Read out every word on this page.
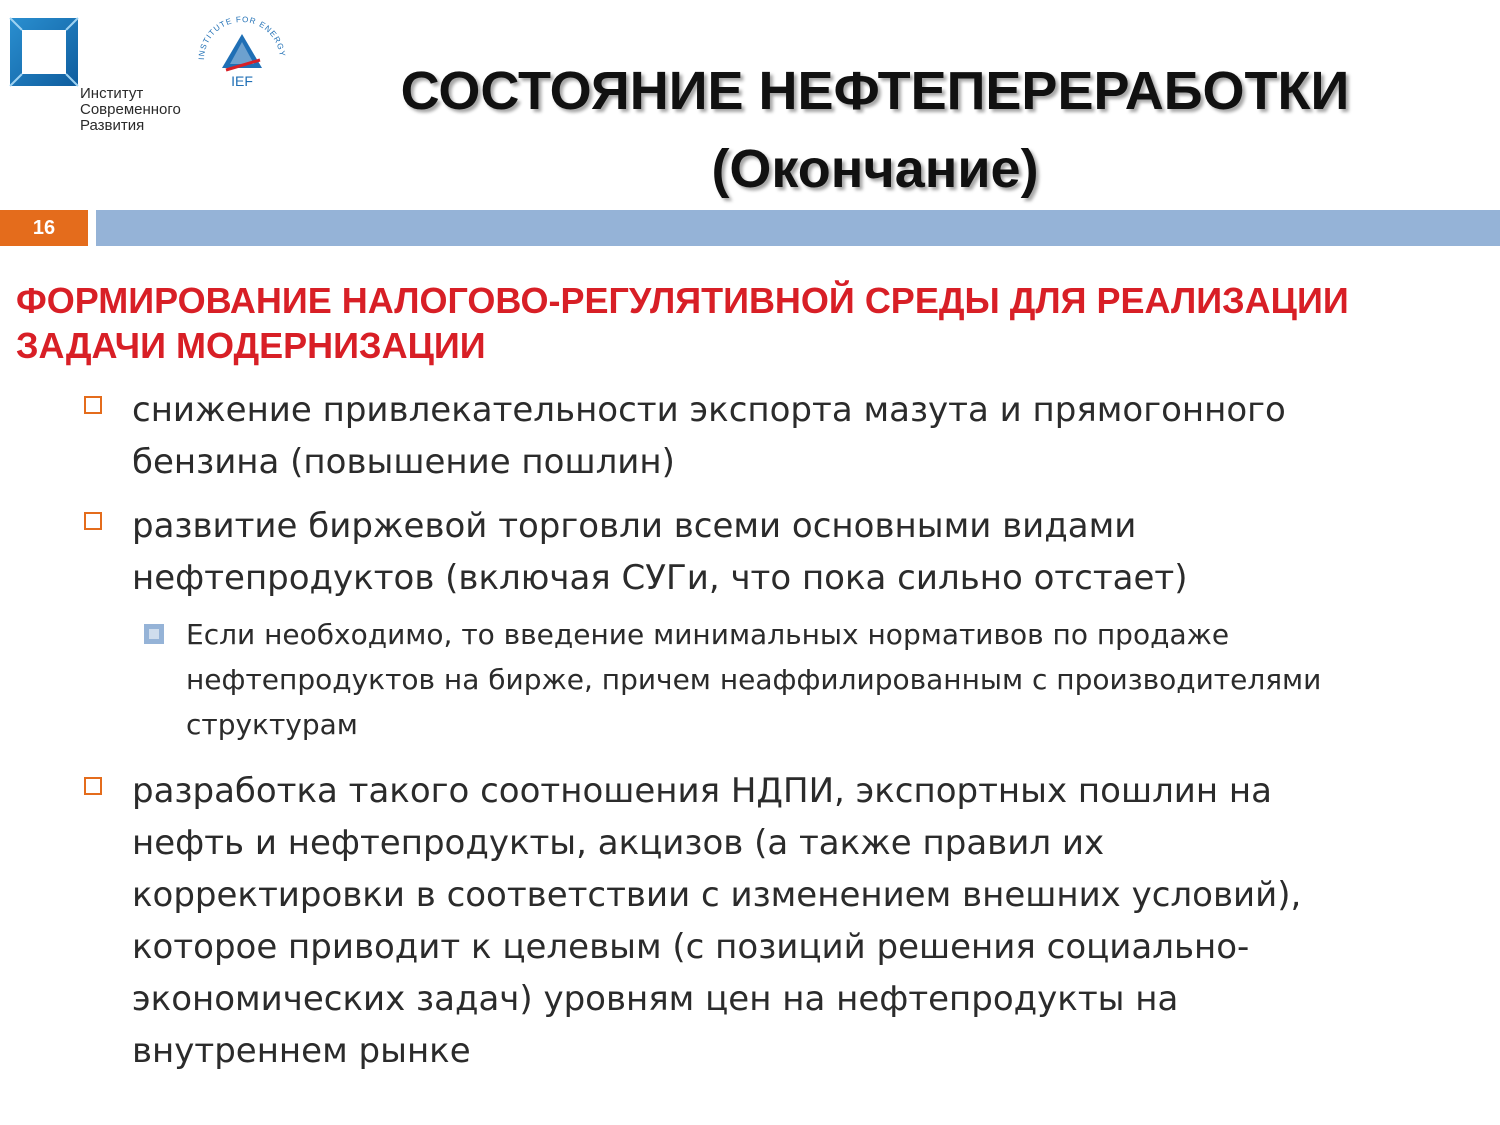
Институт
Современного
Развития
INSTITUTE FOR ENERGY
IEF	СОСТОЯНИЕ НЕФТЕПЕРЕРАБОТКИ
(Окончание)
16
ФОРМИРОВАНИЕ НАЛОГОВО-РЕГУЛЯТИВНОЙ СРЕДЫ ДЛЯ РЕАЛИЗАЦИИ ЗАДАЧИ МОДЕРНИЗАЦИИ
снижение привлекательности экспорта мазута и прямогонного бензина (повышение пошлин)
развитие биржевой торговли всеми основными видами нефтепродуктов (включая СУГи, что пока сильно отстает)
Если необходимо, то введение минимальных нормативов по продаже нефтепродуктов на бирже, причем неаффилированным с производителями структурам
разработка такого соотношения НДПИ, экспортных пошлин на нефть и нефтепродукты, акцизов (а также правил их корректировки в соответствии с изменением внешних условий), которое приводит к целевым (с позиций решения социально-экономических задач) уровням цен на нефтепродукты на внутреннем рынке
